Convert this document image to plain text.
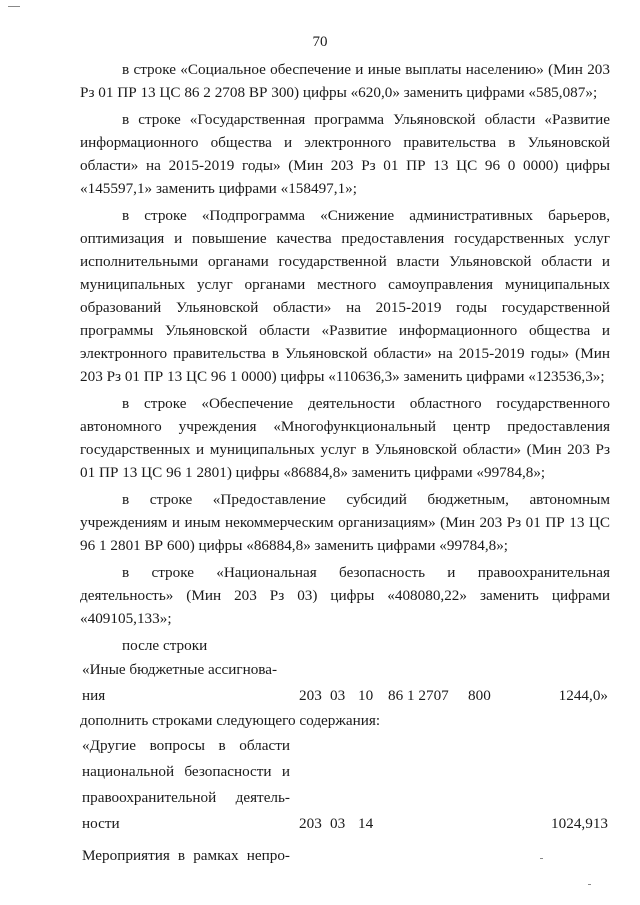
70

в строке «Социальное обеспечение и иные выплаты населению» (Мин 203 Рз 01 ПР 13 ЦС 86 2 2708 ВР 300) цифры «620,0» заменить цифрами «585,087»;

в строке «Государственная программа Ульяновской области «Развитие информационного общества и электронного правительства в Ульяновской области» на 2015-2019 годы» (Мин 203 Рз 01 ПР 13 ЦС 96 0 0000) цифры «145597,1» заменить цифрами «158497,1»;

в строке «Подпрограмма «Снижение административных барьеров, оптимизация и повышение качества предоставления государственных услуг исполнительными органами государственной власти Ульяновской области и муниципальных услуг органами местного самоуправления муниципальных образований Ульяновской области» на 2015-2019 годы государственной программы Ульяновской области «Развитие информационного общества и электронного правительства в Ульяновской области» на 2015-2019 годы» (Мин 203 Рз 01 ПР 13 ЦС 96 1 0000) цифры «110636,3» заменить цифрами «123536,3»;

в строке «Обеспечение деятельности областного государственного автономного учреждения «Многофункциональный центр предоставления государственных и муниципальных услуг в Ульяновской области» (Мин 203 Рз 01 ПР 13 ЦС 96 1 2801) цифры «86884,8» заменить цифрами «99784,8»;

в строке «Предоставление субсидий бюджетным, автономным учреждениям и иным некоммерческим организациям» (Мин 203 Рз 01 ПР 13 ЦС 96 1 2801 ВР 600) цифры «86884,8» заменить цифрами «99784,8»;

в строке «Национальная безопасность и правоохранительная деятельность» (Мин 203 Рз 03) цифры «408080,22» заменить цифрами «409105,133»;

после строки

«Иные бюджетные ассигнова-
ния	203 03 10 86 1 2707 800	1244,0»

дополнить строками следующего содержания:

«Другие вопросы в области
национальной безопасности и
правоохранительной деятель-
ности	203 03 14	1024,913
Мероприятия в рамках непро-
